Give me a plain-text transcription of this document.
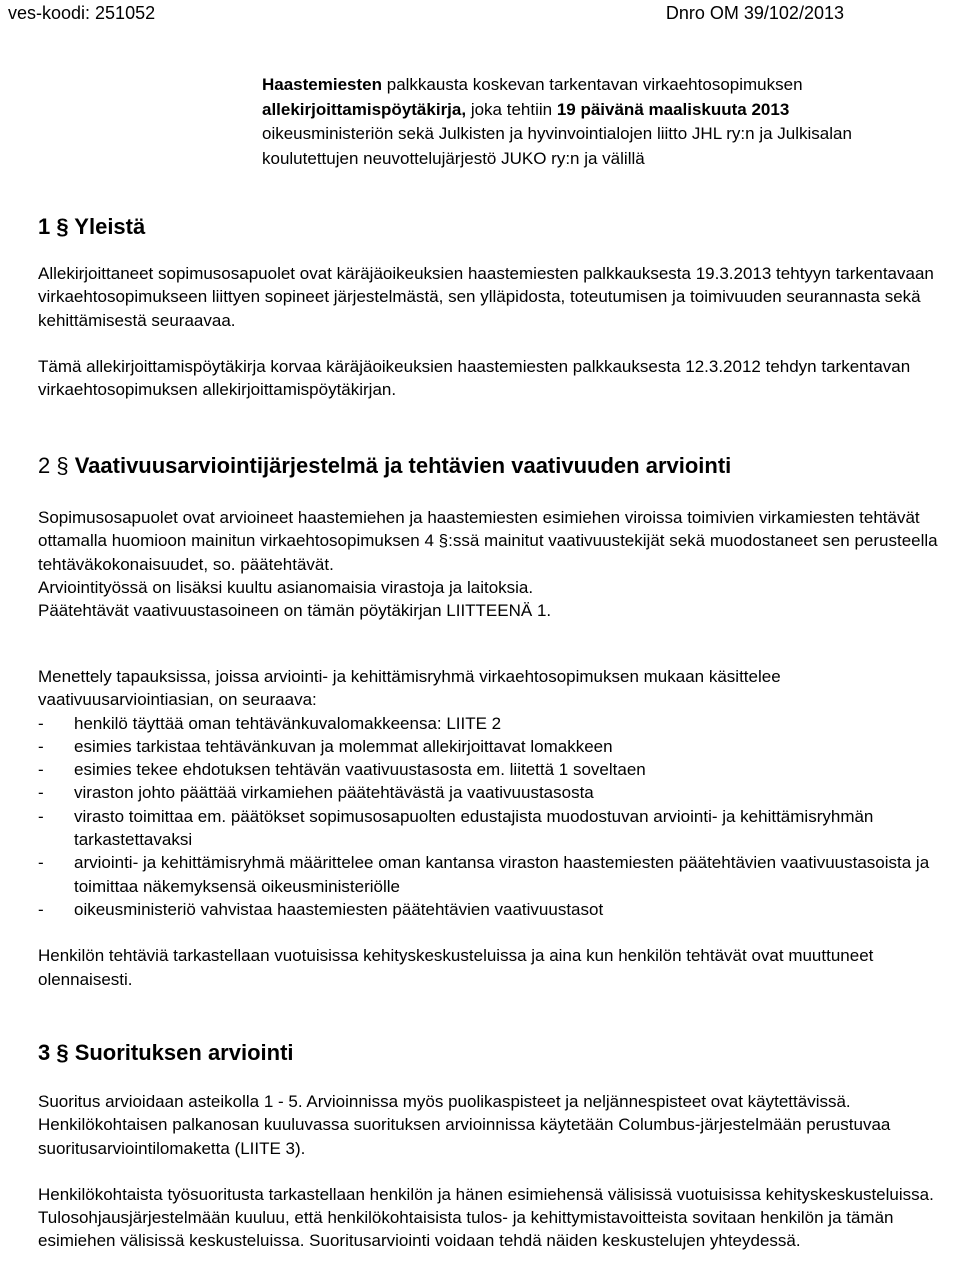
ves-koodi: 251052	Dnro OM 39/102/2013
Haastemiesten palkkausta koskevan tarkentavan virkaehtosopimuksen
allekirjoittamispöytäkirja, joka tehtiin 19 päivänä maaliskuuta 2013
oikeusministeriön sekä Julkisten ja hyvinvointialojen liitto JHL ry:n ja Julkisalan koulutettujen neuvottelujärjestö JUKO ry:n ja välillä
1 § Yleistä

Allekirjoittaneet sopimusosapuolet ovat käräjäoikeuksien haastemiesten palkkauksesta 19.3.2013 tehtyyn tarkentavaan virkaehtosopimukseen liittyen sopineet järjestelmästä, sen ylläpidosta, toteutumisen ja toimivuuden seurannasta sekä kehittämisestä seuraavaa.

Tämä allekirjoittamispöytäkirja korvaa käräjäoikeuksien haastemiesten palkkauksesta 12.3.2012 tehdyn tarkentavan virkaehtosopimuksen allekirjoittamispöytäkirjan.

2 § Vaativuusarviointijärjestelmä ja tehtävien vaativuuden arviointi

Sopimusosapuolet ovat arvioineet haastemiehen ja haastemiesten esimiehen viroissa toimivien virkamiesten tehtävät ottamalla huomioon mainitun virkaehtosopimuksen 4 §:ssä mainitut vaativuustekijät sekä muodostaneet sen perusteella tehtäväkokonaisuudet, so. päätehtävät.

Arviointityössä on lisäksi kuultu asianomaisia virastoja ja laitoksia.

Päätehtävät vaativuustasoineen on tämän pöytäkirjan LIITTEENÄ 1.

Menettely tapauksissa, joissa arviointi- ja kehittämisryhmä virkaehtosopimuksen mukaan käsittelee vaativuusarviointiasian, on seuraava:

-	henkilö täyttää oman tehtävänkuvalomakkeensa: LIITE 2
-	esimies tarkistaa tehtävänkuvan ja molemmat allekirjoittavat lomakkeen
-	esimies tekee ehdotuksen tehtävän vaativuustasosta em. liitettä 1 soveltaen
-	viraston johto päättää virkamiehen päätehtävästä ja vaativuustasosta
-	virasto toimittaa em. päätökset sopimusosapuolten edustajista muodostuvan arviointi- ja kehittämisryhmän tarkastettavaksi
-	arviointi- ja kehittämisryhmä määrittelee oman kantansa viraston haastemiesten päätehtävien vaativuustasoista ja toimittaa näkemyksensä oikeusministeriölle
-	oikeusministeriö vahvistaa haastemiesten päätehtävien vaativuustasot

Henkilön tehtäviä tarkastellaan vuotuisissa kehityskeskusteluissa ja aina kun henkilön tehtävät ovat muuttuneet olennaisesti.

3 § Suorituksen arviointi

Suoritus arvioidaan asteikolla 1 - 5. Arvioinnissa myös puolikaspisteet ja neljännespisteet ovat käytettävissä. Henkilökohtaisen palkanosan kuuluvassa suorituksen arvioinnissa käytetään Columbus-järjestelmään perustuvaa suoritusarviointilomaketta (LIITE 3).

Henkilökohtaista työsuoritusta tarkastellaan henkilön ja hänen esimiehensä välisissä vuotuisissa kehityskeskusteluissa. Tulosohjausjärjestelmään kuuluu, että henkilökohtaisista tulos- ja kehittymistavoitteista sovitaan henkilön ja tämän esimiehen välisissä keskusteluissa. Suoritusarviointi voidaan tehdä näiden keskustelujen yhteydessä.
